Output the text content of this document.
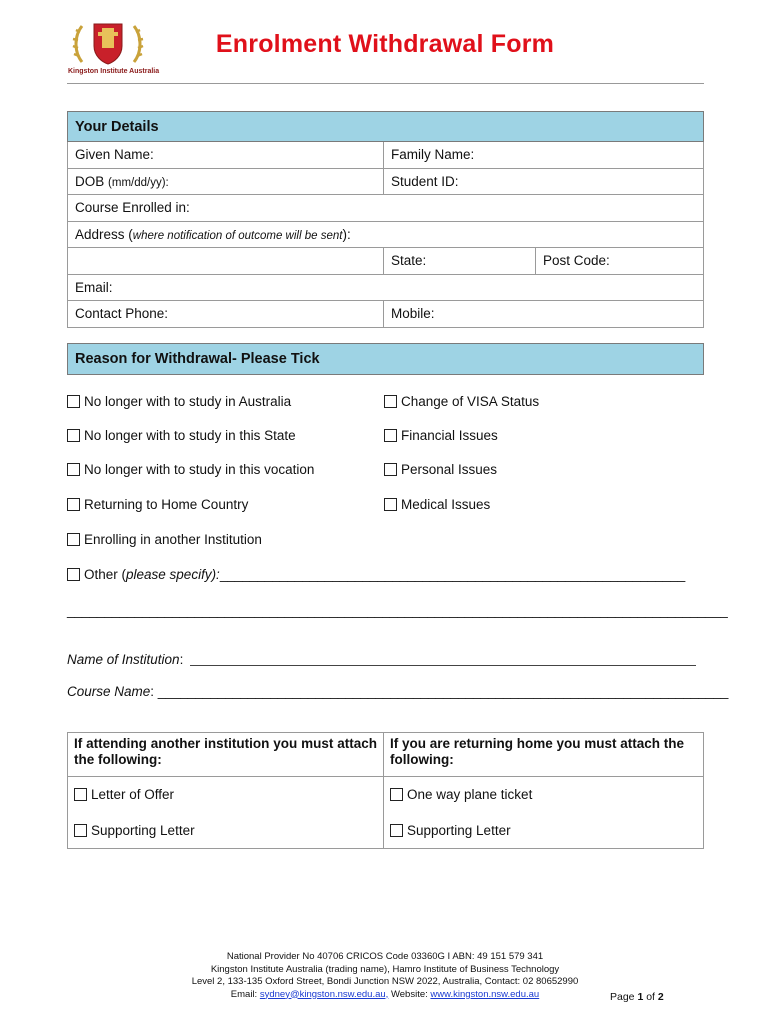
Kingston Institute Australia
Enrolment Withdrawal Form
Your Details		
Given Name:	Family Name:	
DOB (mm/dd/yy):	Student ID:	
Course Enrolled in:		
Address (where notification of outcome will be sent):		
	State:	Post Code:
Email:		
Contact Phone:	Mobile:	
Reason for Withdrawal- Please Tick
No longer with to study in Australia
No longer with to study in this State
No longer with to study in this vocation
Returning to Home Country
Enrolling in another Institution
Change of VISA Status
Financial Issues
Personal Issues
Medical Issues
Other ( please specify): ______________________________________________________________
________________________________________________________________________________________
Name of Institution:
Course Name: ____________________________________________________________________________
If attending another institution you must attach the following:	If you are returning home you must attach the following:

Letter of Offer	One way plane ticket

Supporting Letter	Supporting Letter
National Provider No 40706 CRICOS Code 03360G I ABN: 49 151 579 341
Kingston Institute Australia (trading name), Hamro Institute of Business Technology
Level 2, 133-135 Oxford Street, Bondi Junction NSW 2022, Australia, Contact: 02 80652990
Email: sydney@kingston.nsw.edu.au, Website: www.kingston.nsw.edu.au	Page 1 of 2
